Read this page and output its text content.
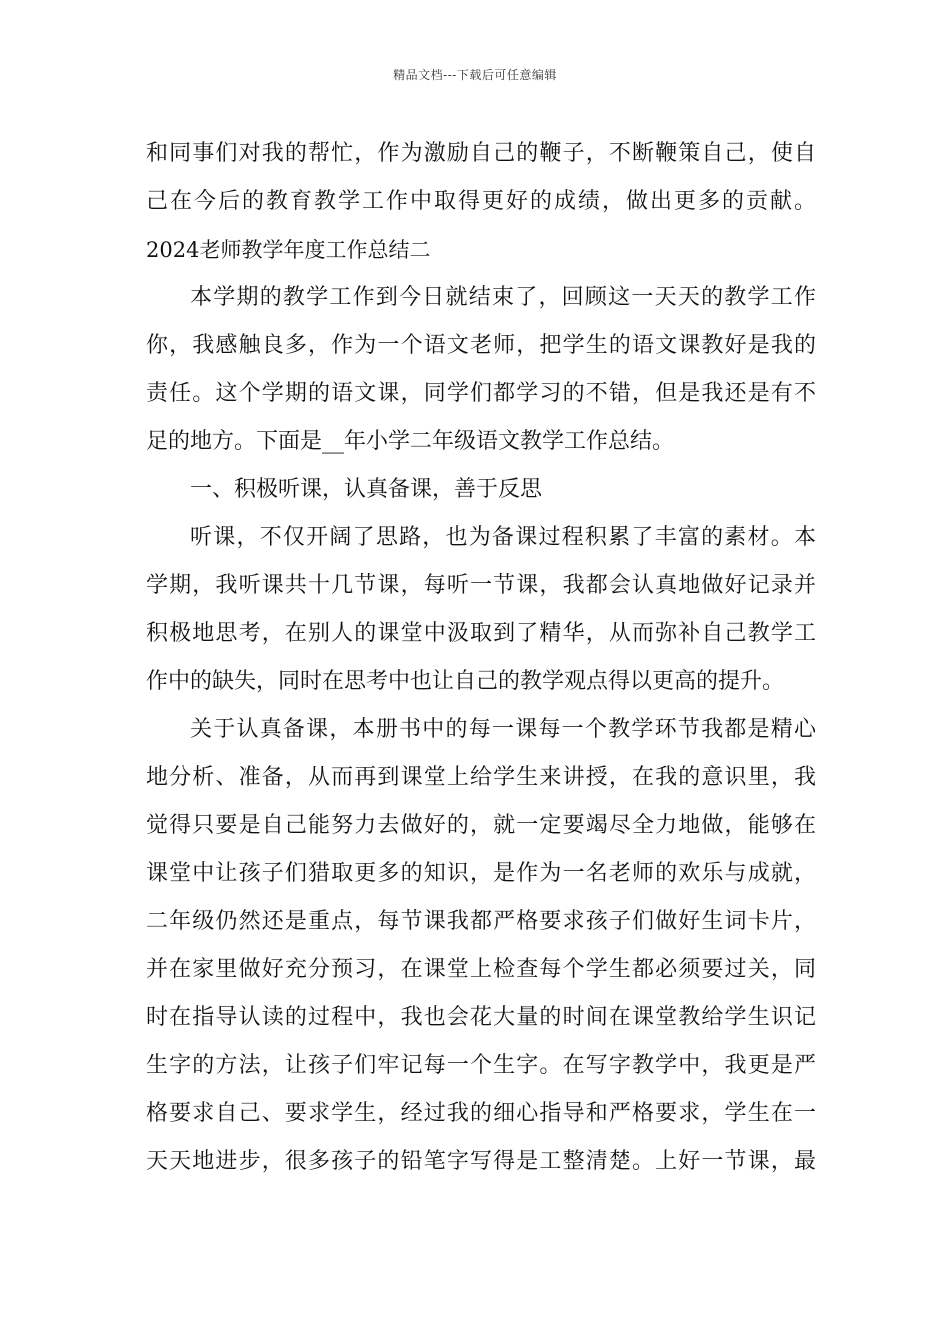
精品文档---下载后可任意编辑
和同事们对我的帮忙，作为激励自己的鞭子，不断鞭策自己，使自
己在今后的教育教学工作中取得更好的成绩，做出更多的贡献。
2024老师教学年度工作总结二
本学期的教学工作到今日就结束了，回顾这一天天的教学工作
你，我感触良多，作为一个语文老师，把学生的语文课教好是我的
责任。这个学期的语文课，同学们都学习的不错，但是我还是有不
足的地方。下面是__年小学二年级语文教学工作总结。
一、积极听课，认真备课，善于反思
听课，不仅开阔了思路，也为备课过程积累了丰富的素材。本
学期，我听课共十几节课，每听一节课，我都会认真地做好记录并
积极地思考，在别人的课堂中汲取到了精华，从而弥补自己教学工
作中的缺失，同时在思考中也让自己的教学观点得以更高的提升。
关于认真备课，本册书中的每一课每一个教学环节我都是精心
地分析、准备，从而再到课堂上给学生来讲授，在我的意识里，我
觉得只要是自己能努力去做好的，就一定要竭尽全力地做，能够在
课堂中让孩子们猎取更多的知识，是作为一名老师的欢乐与成就，
二年级仍然还是重点，每节课我都严格要求孩子们做好生词卡片，
并在家里做好充分预习，在课堂上检查每个学生都必须要过关，同
时在指导认读的过程中，我也会花大量的时间在课堂教给学生识记
生字的方法，让孩子们牢记每一个生字。在写字教学中，我更是严
格要求自己、要求学生，经过我的细心指导和严格要求，学生在一
天天地进步，很多孩子的铅笔字写得是工整清楚。上好一节课，最
